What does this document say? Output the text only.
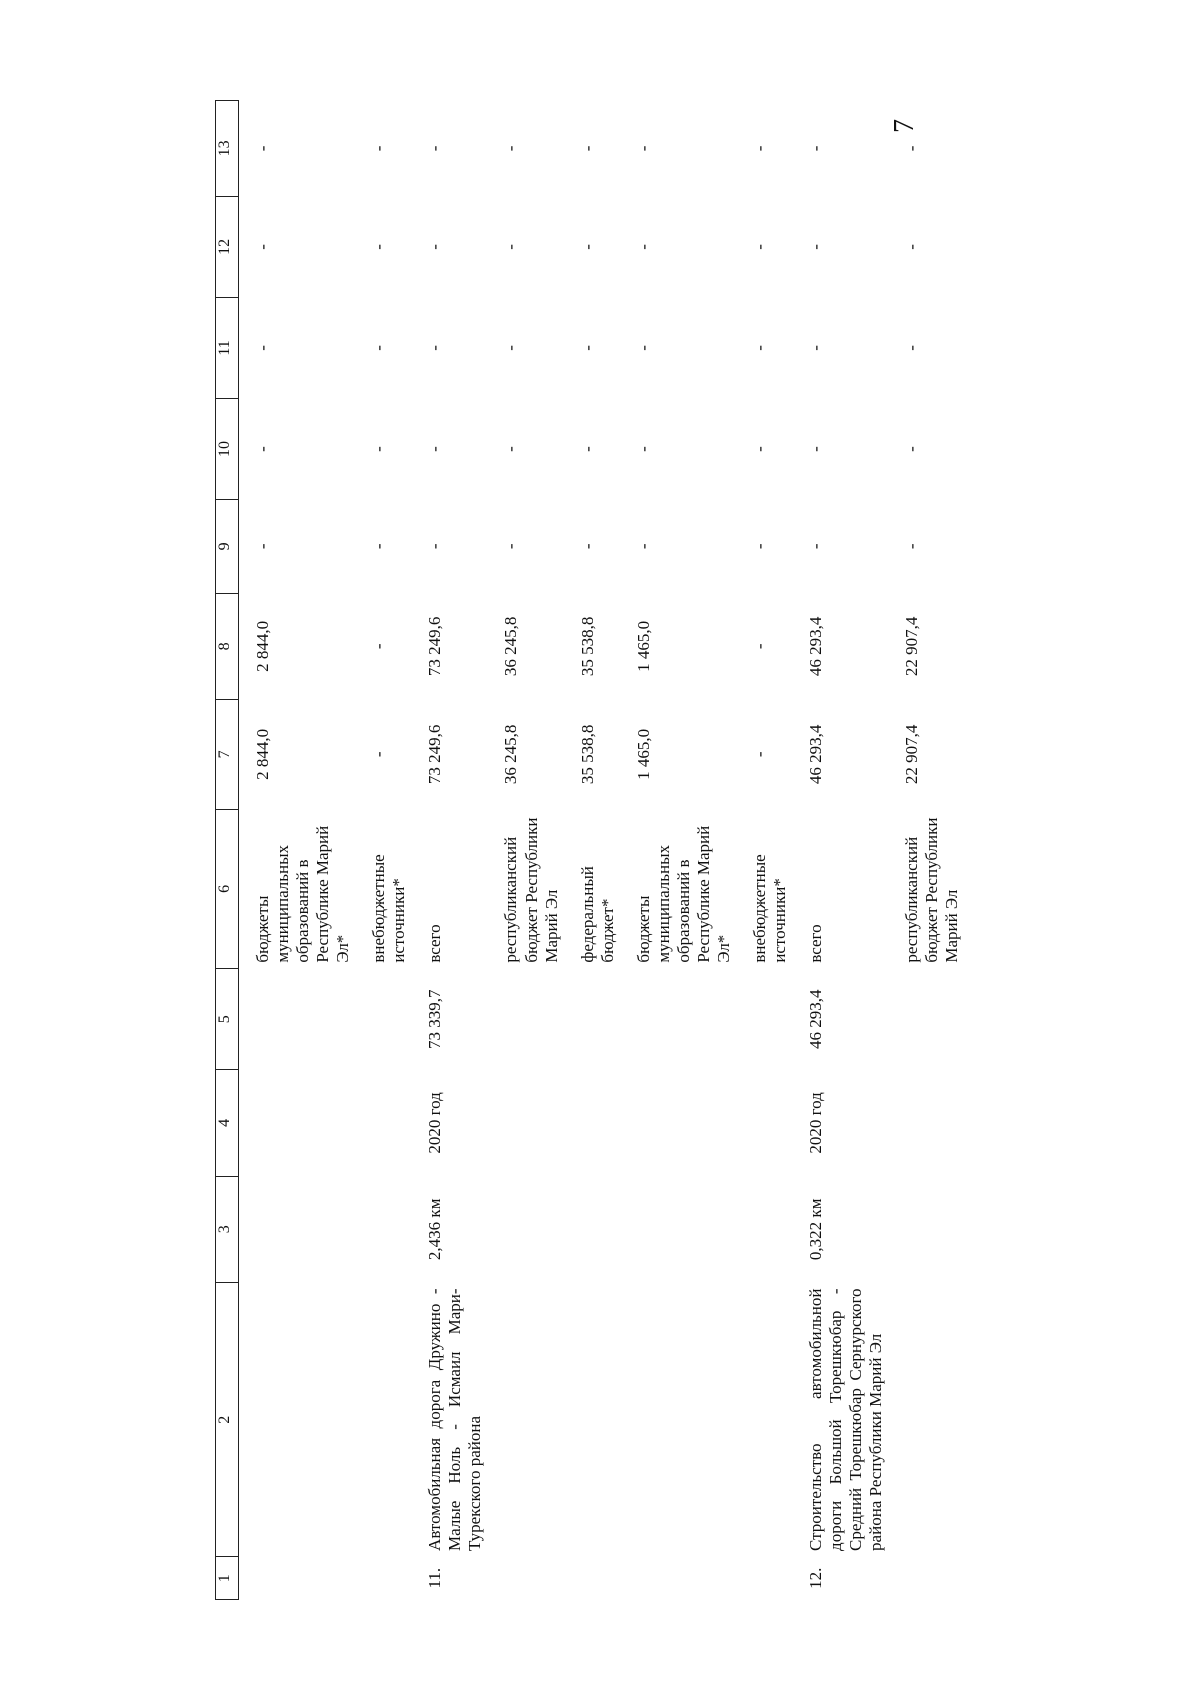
7
1	2	3	4	5	6	7	8	9	10	11	12	13
					бюджеты муниципальных образований в Республике Марий Эл*	2 844,0	2 844,0	-	-	-	-	-
					внебюджетные источники*	-	-	-	-	-	-	-
11.	Автомобильная дорога Дружино - Малые Ноль - Исмаил Мари-Турекского района	2,436 км	2020 год	73 339,7	всего	73 249,6	73 249,6	-	-	-	-	-
					республиканский бюджет Республики Марий Эл	36 245,8	36 245,8	-	-	-	-	-
					федеральный бюджет*	35 538,8	35 538,8	-	-	-	-	-
					бюджеты муниципальных образований в Республике Марий Эл*	1 465,0	1 465,0	-	-	-	-	-
					внебюджетные источники*	-	-	-	-	-	-	-
12.	Строительство автомобильной дороги Большой Торешкюбар - Средний Торешкюбар Сернурского района Республики Марий Эл	0,322 км	2020 год	46 293,4	всего	46 293,4	46 293,4	-	-	-	-	-
					республиканский бюджет Республики Марий Эл	22 907,4	22 907,4	-	-	-	-	-
